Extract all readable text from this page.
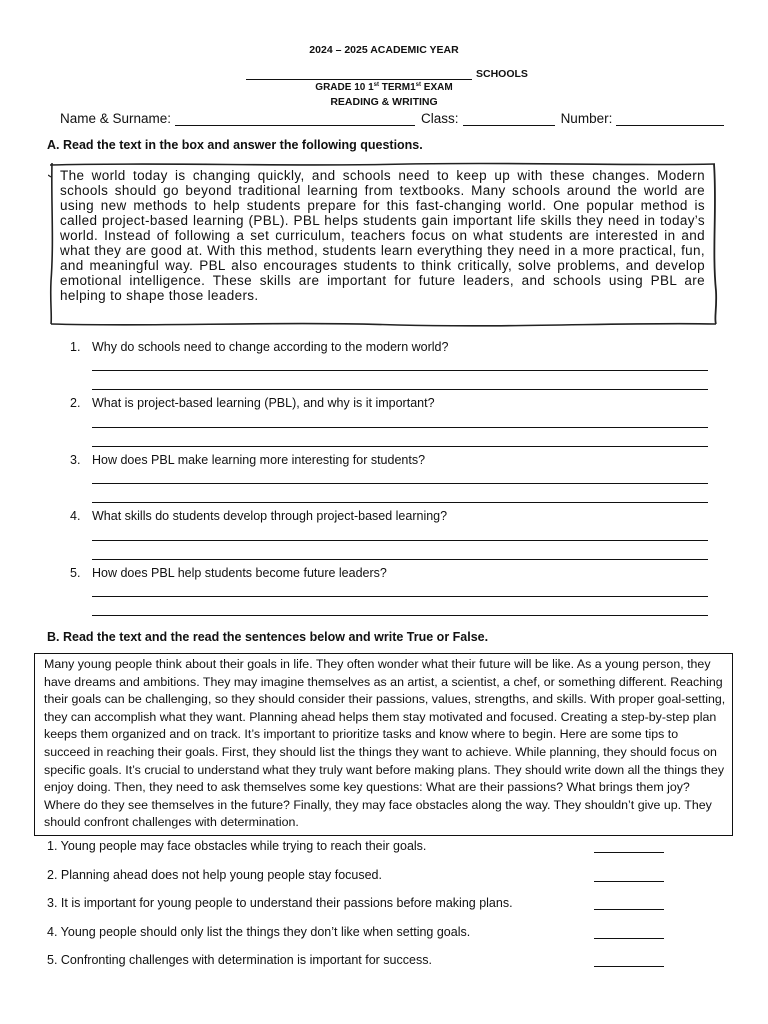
2024 – 2025 ACADEMIC YEAR
SCHOOLS
GRADE 10 1st TERM1st EXAM
READING & WRITING
Name & Surname:	Class:	Number:
A. Read the text in the box and answer the following questions.
The world today is changing quickly, and schools need to keep up with these changes. Modern schools should go beyond traditional learning from textbooks. Many schools around the world are using new methods to help students prepare for this fast-changing world. One popular method is called project-based learning (PBL). PBL helps students gain important life skills they need in today’s world. Instead of following a set curriculum, teachers focus on what students are interested in and what they are good at. With this method, students learn everything they need in a more practical, fun, and meaningful way. PBL also encourages students to think critically, solve problems, and develop emotional intelligence. These skills are important for future leaders, and schools using PBL are helping to shape those leaders.
1. Why do schools need to change according to the modern world?
2. What is project-based learning (PBL), and why is it important?
3. How does PBL make learning more interesting for students?
4. What skills do students develop through project-based learning?
5. How does PBL help students become future leaders?
B. Read the text and the read the sentences below and write True or False.
Many young people think about their goals in life. They often wonder what their future will be like. As a young person, they have dreams and ambitions. They may imagine themselves as an artist, a scientist, a chef, or something different. Reaching their goals can be challenging, so they should consider their passions, values, strengths, and skills. With proper goal-setting, they can accomplish what they want. Planning ahead helps them stay motivated and focused. Creating a step-by-step plan keeps them organized and on track. It’s important to prioritize tasks and know where to begin. Here are some tips to succeed in reaching their goals. First, they should list the things they want to achieve. While planning, they should focus on specific goals. It’s crucial to understand what they truly want before making plans. They should write down all the things they enjoy doing. Then, they need to ask themselves some key questions: What are their passions? What brings them joy? Where do they see themselves in the future? Finally, they may face obstacles along the way. They shouldn’t give up. They should confront challenges with determination.
1. Young people may face obstacles while trying to reach their goals.
2. Planning ahead does not help young people stay focused.
3. It is important for young people to understand their passions before making plans.
4. Young people should only list the things they don’t like when setting goals.
5. Confronting challenges with determination is important for success.
